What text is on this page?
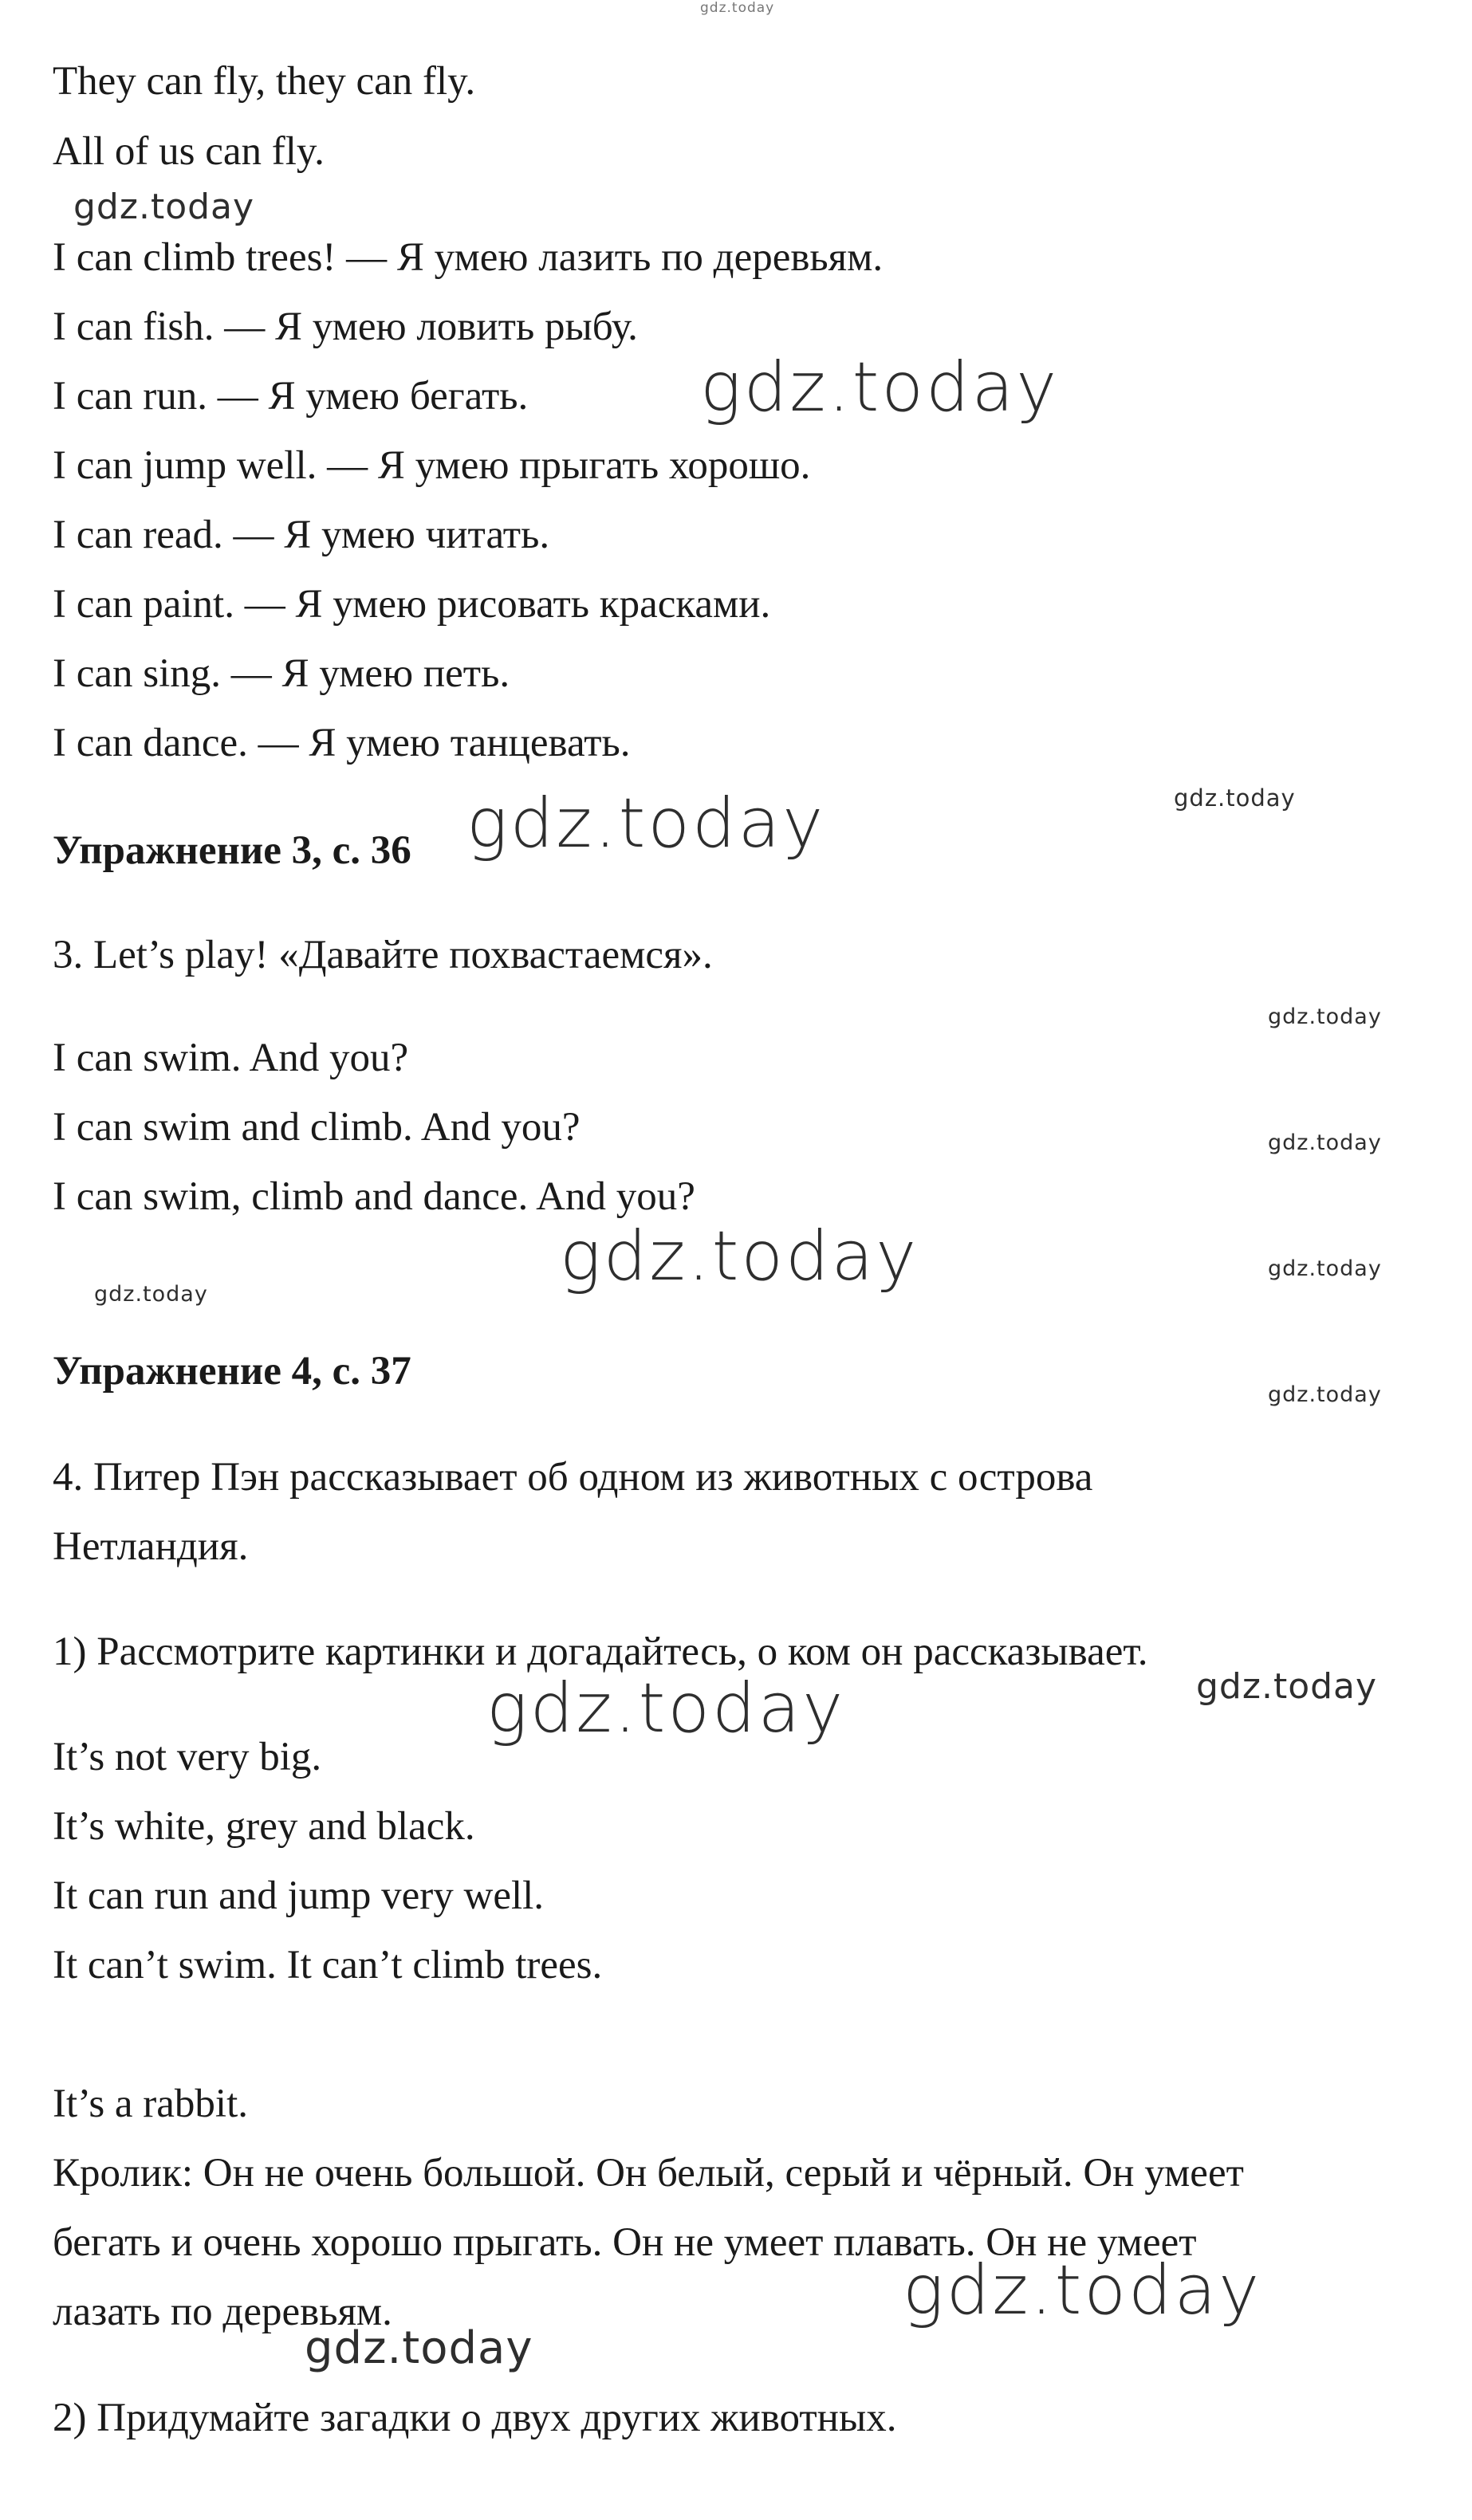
They can fly, they can fly.

All of us can fly.

I can climb trees! — Я умею лазить по деревьям.

I can fish. — Я умею ловить рыбу.

I can run. — Я умею бегать.

I can jump well. — Я умею прыгать хорошо.

I can read. — Я умею читать.

I can paint. — Я умею рисовать красками.

I can sing. — Я умею петь.

I can dance. — Я умею танцевать.

Упражнение 3, с. 36

3. Let’s play! «Давайте похвастаемся».

I can swim. And you?

I can swim and climb. And you?

I can swim, climb and dance. And you?

Упражнение 4, с. 37

4. Питер Пэн рассказывает об одном из животных с острова

Нетландия.

1) Рассмотрите картинки и догадайтесь, о ком он рассказывает.

It’s not very big.

It’s white, grey and black.

It can run and jump very well.

It can’t swim. It can’t climb trees.

It’s a rabbit.

Кролик: Он не очень большой. Он белый, серый и чёрный. Он умеет

бегать и очень хорошо прыгать. Он не умеет плавать. Он не умеет

лазать по деревьям.

2) Придумайте загадки о двух других животных.

gdz.today
gdz.today
gdz.today
gdz.today
gdz.today
gdz.today
gdz.today
gdz.today	gdz.today
gdz.today
gdz.today
gdz.today
gdz.today
gdz.today
gdz.today
